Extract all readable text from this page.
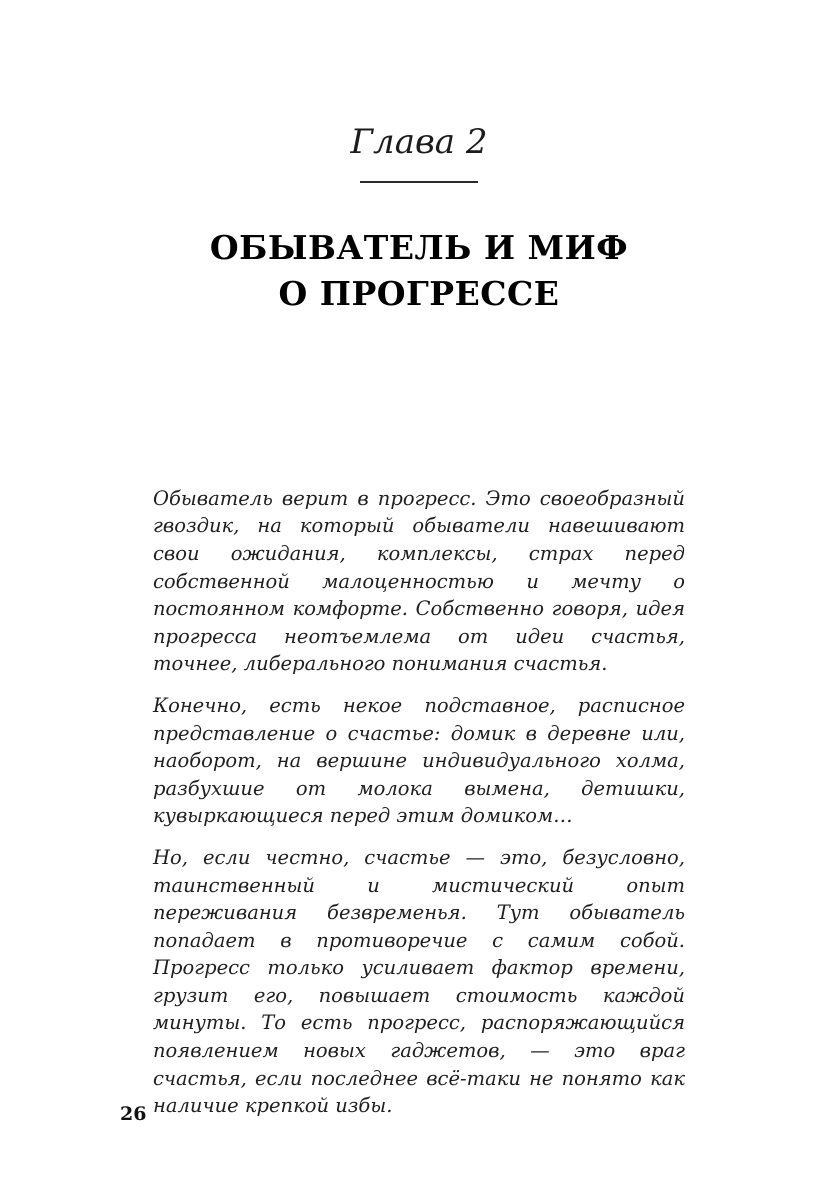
Глава 2
ОБЫВАТЕЛЬ И МИФ
О ПРОГРЕССЕ

Обыватель верит в прогресс. Это своеобразный гвоздик, на который обыватели навешивают свои ожидания, комплексы, страх перед собственной малоценностью и мечту о постоянном комфорте. Собственно говоря, идея прогресса неотъемлема от идеи счастья, точнее, либерального понимания счастья.

Конечно, есть некое подставное, расписное представление о счастье: домик в деревне или, наоборот, на вершине индивидуального холма, разбухшие от молока вымена, детишки, кувыркающиеся перед этим домиком…

Но, если честно, счастье — это, безусловно, таинственный и мистический опыт переживания безвременья. Тут обыватель попадает в противоречие с самим собой. Прогресс только усиливает фактор времени, грузит его, повышает стоимость каждой минуты. То есть прогресс, распоряжающийся появлением новых гаджетов, — это враг счастья, если последнее всё-таки не понято как наличие крепкой избы.

26
